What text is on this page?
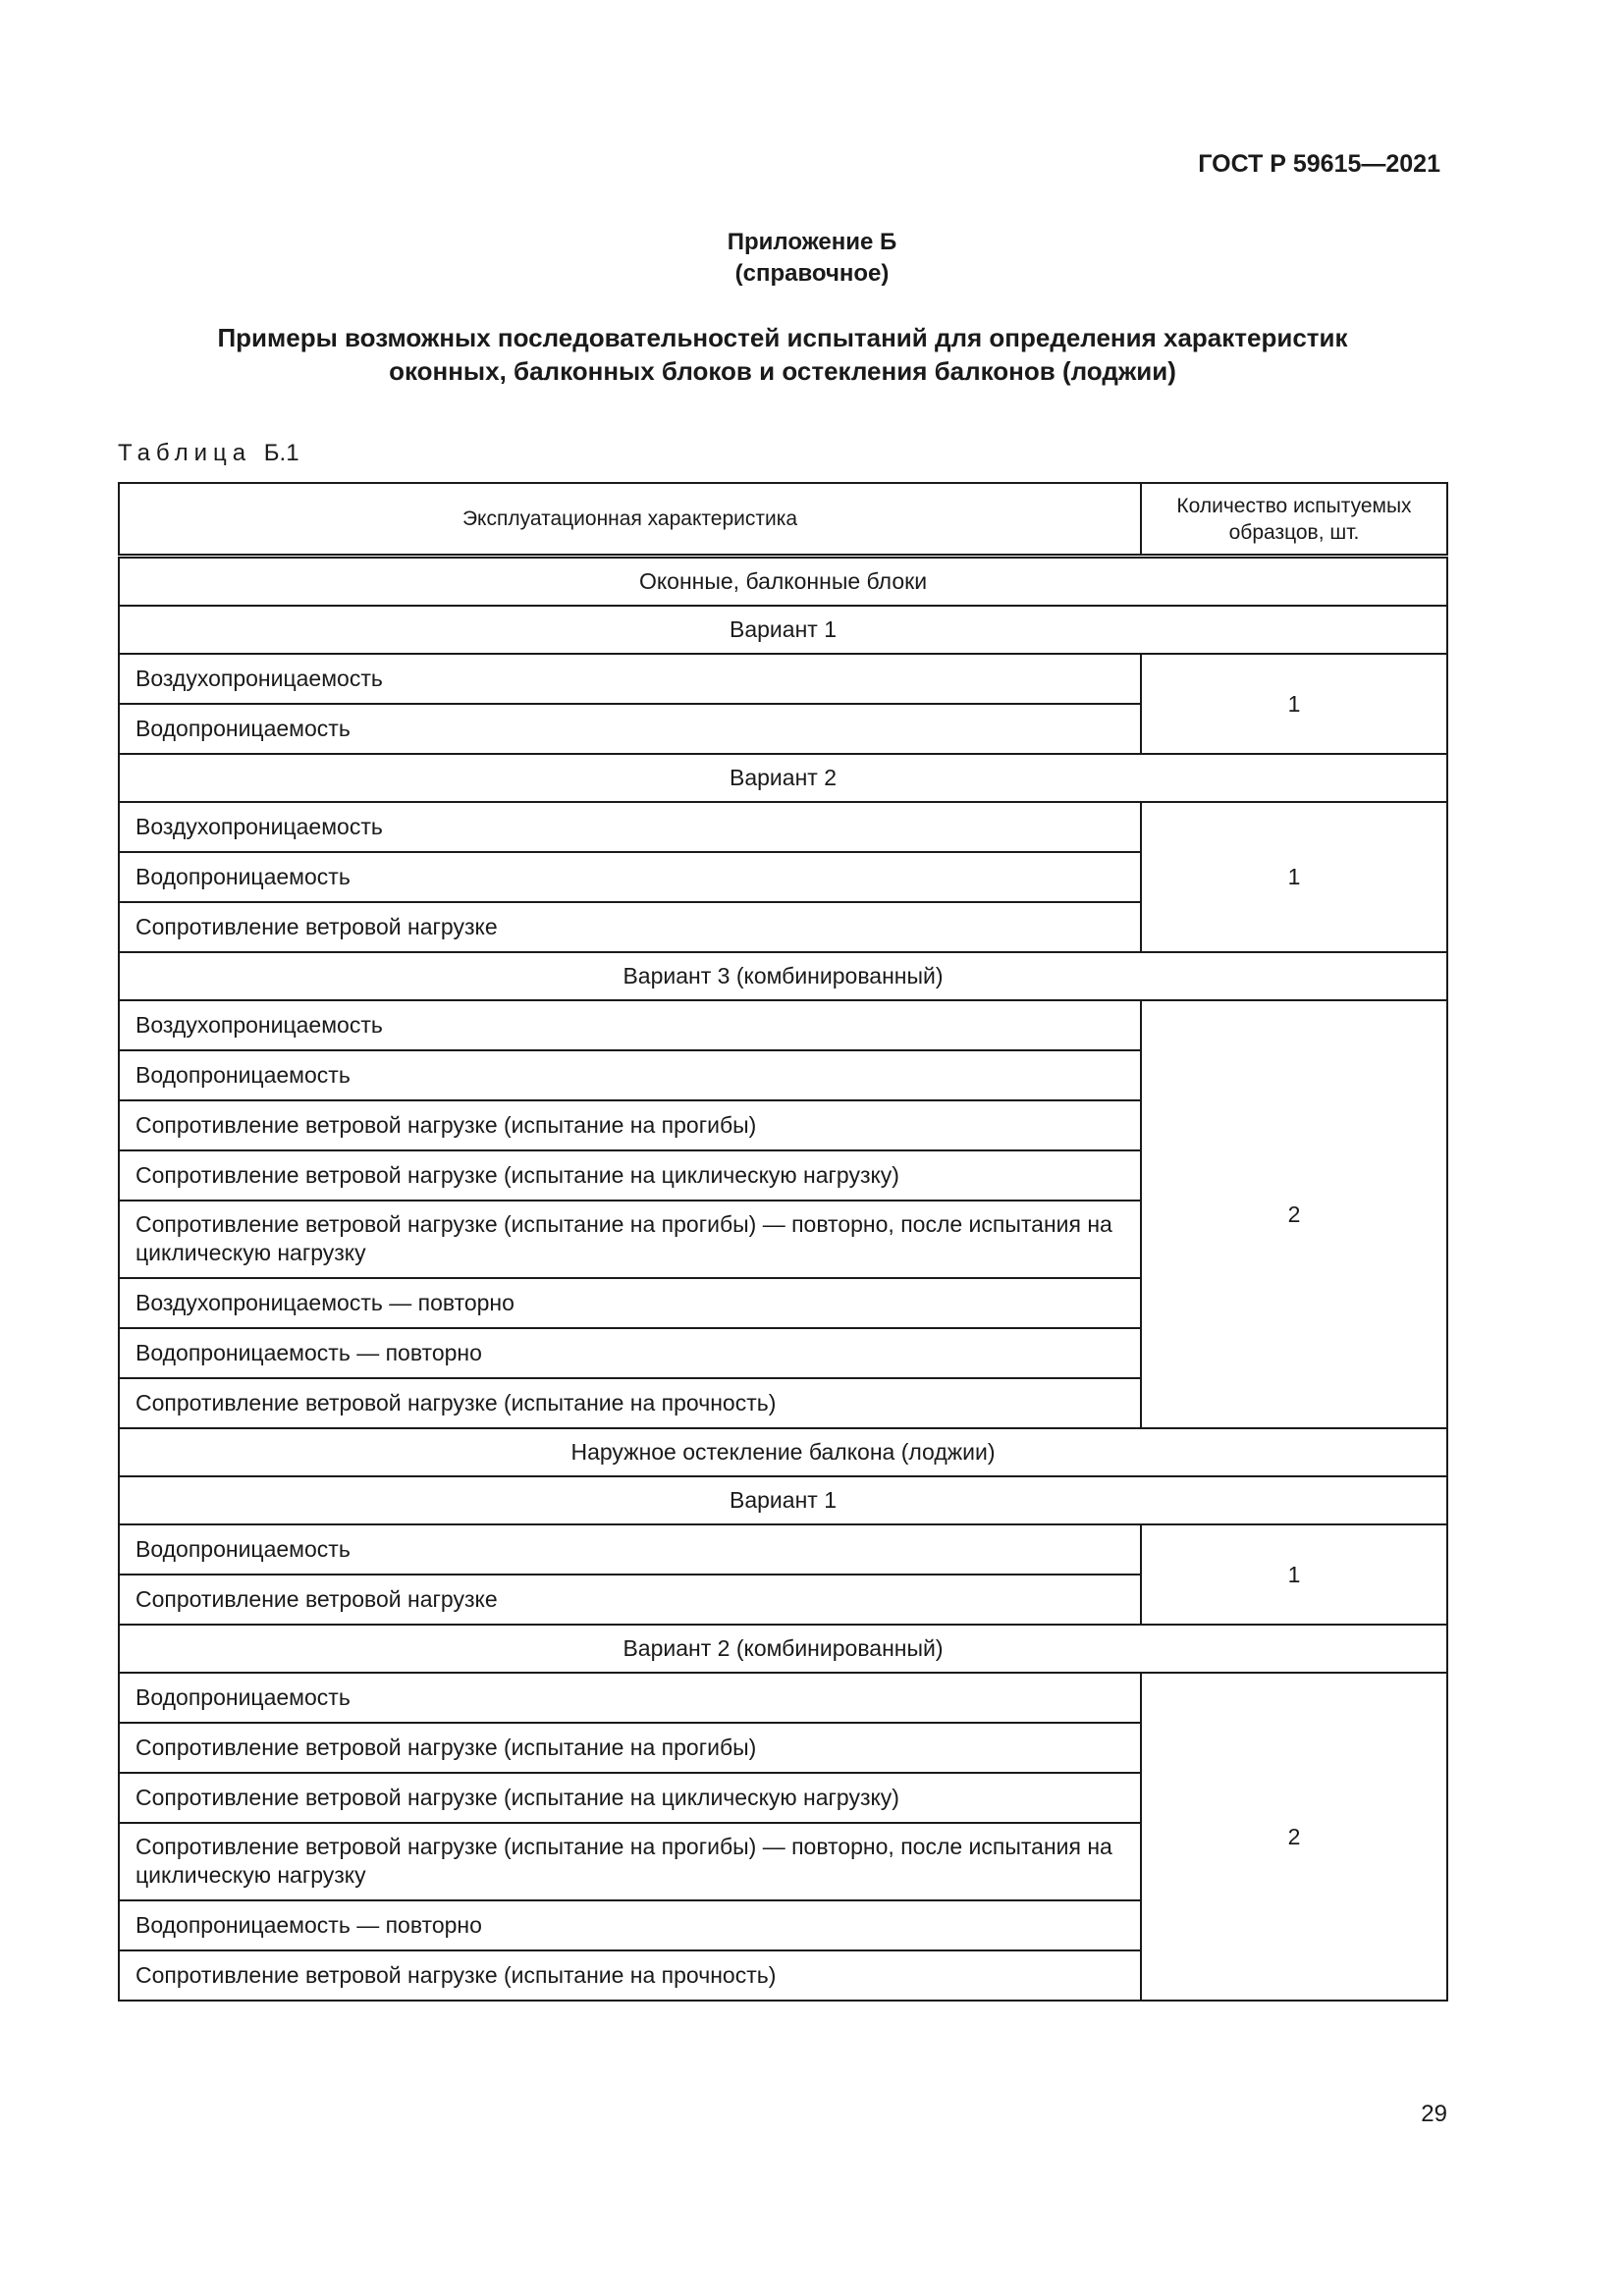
ГОСТ Р 59615—2021
Приложение Б
(справочное)
Примеры возможных последовательностей испытаний для определения характеристик
оконных, балконных блоков и остекления балконов (лоджии)
Таблица Б.1
Эксплуатационная характеристика	Количество испытуемых образцов, шт.
Оконные, балконные блоки	
Вариант 1	
Воздухопроницаемость	1
Водопроницаемость	
Вариант 2	
Воздухопроницаемость	1
Водопроницаемость	
Сопротивление ветровой нагрузке	
Вариант 3 (комбинированный)	
Воздухопроницаемость	2
Водопроницаемость	
Сопротивление ветровой нагрузке (испытание на прогибы)	
Сопротивление ветровой нагрузке (испытание на циклическую нагрузку)	
Сопротивление ветровой нагрузке (испытание на прогибы) — повторно, после испытания на циклическую нагрузку	
Воздухопроницаемость — повторно	
Водопроницаемость — повторно	
Сопротивление ветровой нагрузке (испытание на прочность)	
Наружное остекление балкона (лоджии)	
Вариант 1	
Водопроницаемость	1
Сопротивление ветровой нагрузке	
Вариант 2 (комбинированный)	
Водопроницаемость	2
Сопротивление ветровой нагрузке (испытание на прогибы)	
Сопротивление ветровой нагрузке (испытание на циклическую нагрузку)	
Сопротивление ветровой нагрузке (испытание на прогибы) — повторно, после испытания на циклическую нагрузку	
Водопроницаемость — повторно	
Сопротивление ветровой нагрузке (испытание на прочность)	
29
